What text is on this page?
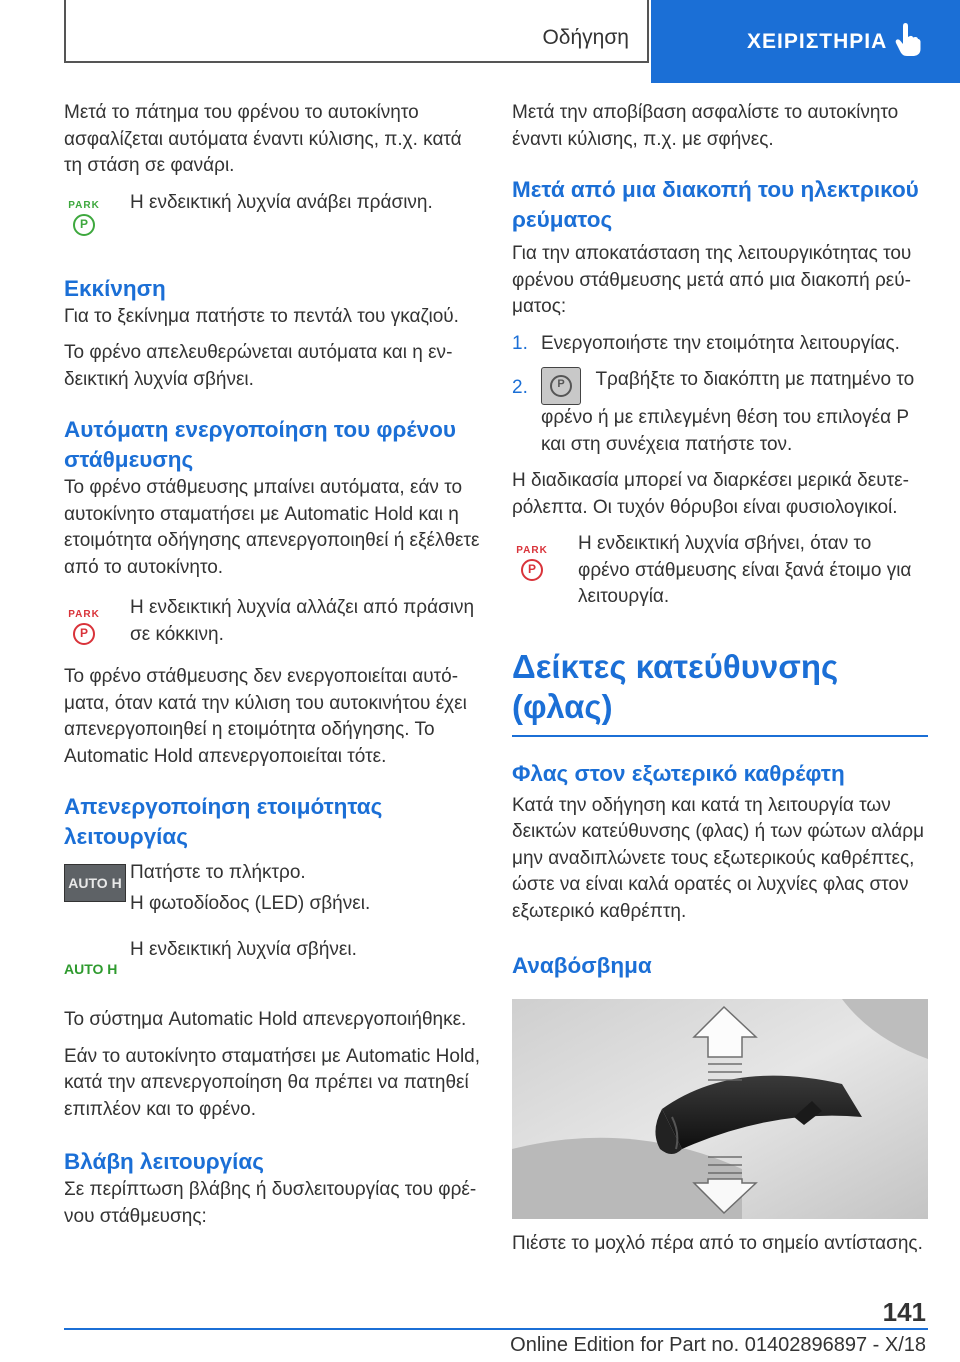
Οδήγηση	ΧΕΙΡΙΣΤΗΡΙΑ

Μετά το πάτημα του φρένου το αυτοκίνητο ασφαλίζεται αυτόματα έναντι κύλισης, π.χ. κατά τη στάση σε φανάρι.

PARK
P

Η ενδεικτική λυχνία ανάβει πράσινη.

Εκκίνηση

Για το ξεκίνημα πατήστε το πεντάλ του γκαζιού.

Το φρένο απελευθερώνεται αυτόματα και η ενδεικτική λυχνία σβήνει.

Αυτόματη ενεργοποίηση του φρένου στάθμευσης

Το φρένο στάθμευσης μπαίνει αυτόματα, εάν το αυτοκίνητο σταματήσει με Automatic Hold και η ετοιμότητα οδήγησης απενεργοποιηθεί ή εξέλθετε από το αυτοκίνητο.

PARK
P

Η ενδεικτική λυχνία αλλάζει από πράσινη σε κόκκινη.

Το φρένο στάθμευσης δεν ενεργοποιείται αυτόματα, όταν κατά την κύλιση του αυτοκινήτου έχει απενεργοποιηθεί η ετοιμότητα οδήγησης. Το Automatic Hold απενεργοποιείται τότε.

Απενεργοποίηση ετοιμότητας λειτουργίας
AUTO H Πατήστε το πλήκτρο.

Η φωτοδίοδος (LED) σβήνει.

AUTO H

Η ενδεικτική λυχνία σβήνει.

Το σύστημα Automatic Hold απενεργοποιήθηκε.

Εάν το αυτοκίνητο σταματήσει με Automatic Hold, κατά την απενεργοποίηση θα πρέπει να πατηθεί επιπλέον και το φρένο.

Βλάβη λειτουργίας

Σε περίπτωση βλάβης ή δυσλειτουργίας του φρένου στάθμευσης:

Μετά την αποβίβαση ασφαλίστε το αυτοκίνητο έναντι κύλισης, π.χ. με σφήνες.

Μετά από μια διακοπή του ηλεκτρικού ρεύματος

Για την αποκατάσταση της λειτουργικότητας του φρένου στάθμευσης μετά από μια διακοπή ρεύματος:

1. Ενεργοποιήστε την ετοιμότητα λειτουργίας.

2.	P
Τραβήξτε το διακόπτη με πατημένο το φρένο ή με επιλεγμένη θέση του επιλογέα P και στη συνέχεια πατήστε τον.

Η διαδικασία μπορεί να διαρκέσει μερικά δευτερόλεπτα. Οι τυχόν θόρυβοι είναι φυσιολογικοί.

PARK
P

Η ενδεικτική λυχνία σβήνει, όταν το φρένο στάθμευσης είναι ξανά έτοιμο για λειτουργία.

Δείκτες κατεύθυνσης (φλας)
Φλας στον εξωτερικό καθρέφτη

Κατά την οδήγηση και κατά τη λειτουργία των δεικτών κατεύθυνσης (φλας) ή των φώτων αλάρμ μην αναδιπλώνετε τους εξωτερικούς καθρέπτες, ώστε να είναι καλά ορατές οι λυχνίες φλας στον εξωτερικό καθρέπτη.

Αναβόσβημα

Πιέστε το μοχλό πέρα από το σημείο αντίστασης.

141
Online Edition for Part no. 01402896897 - X/18
